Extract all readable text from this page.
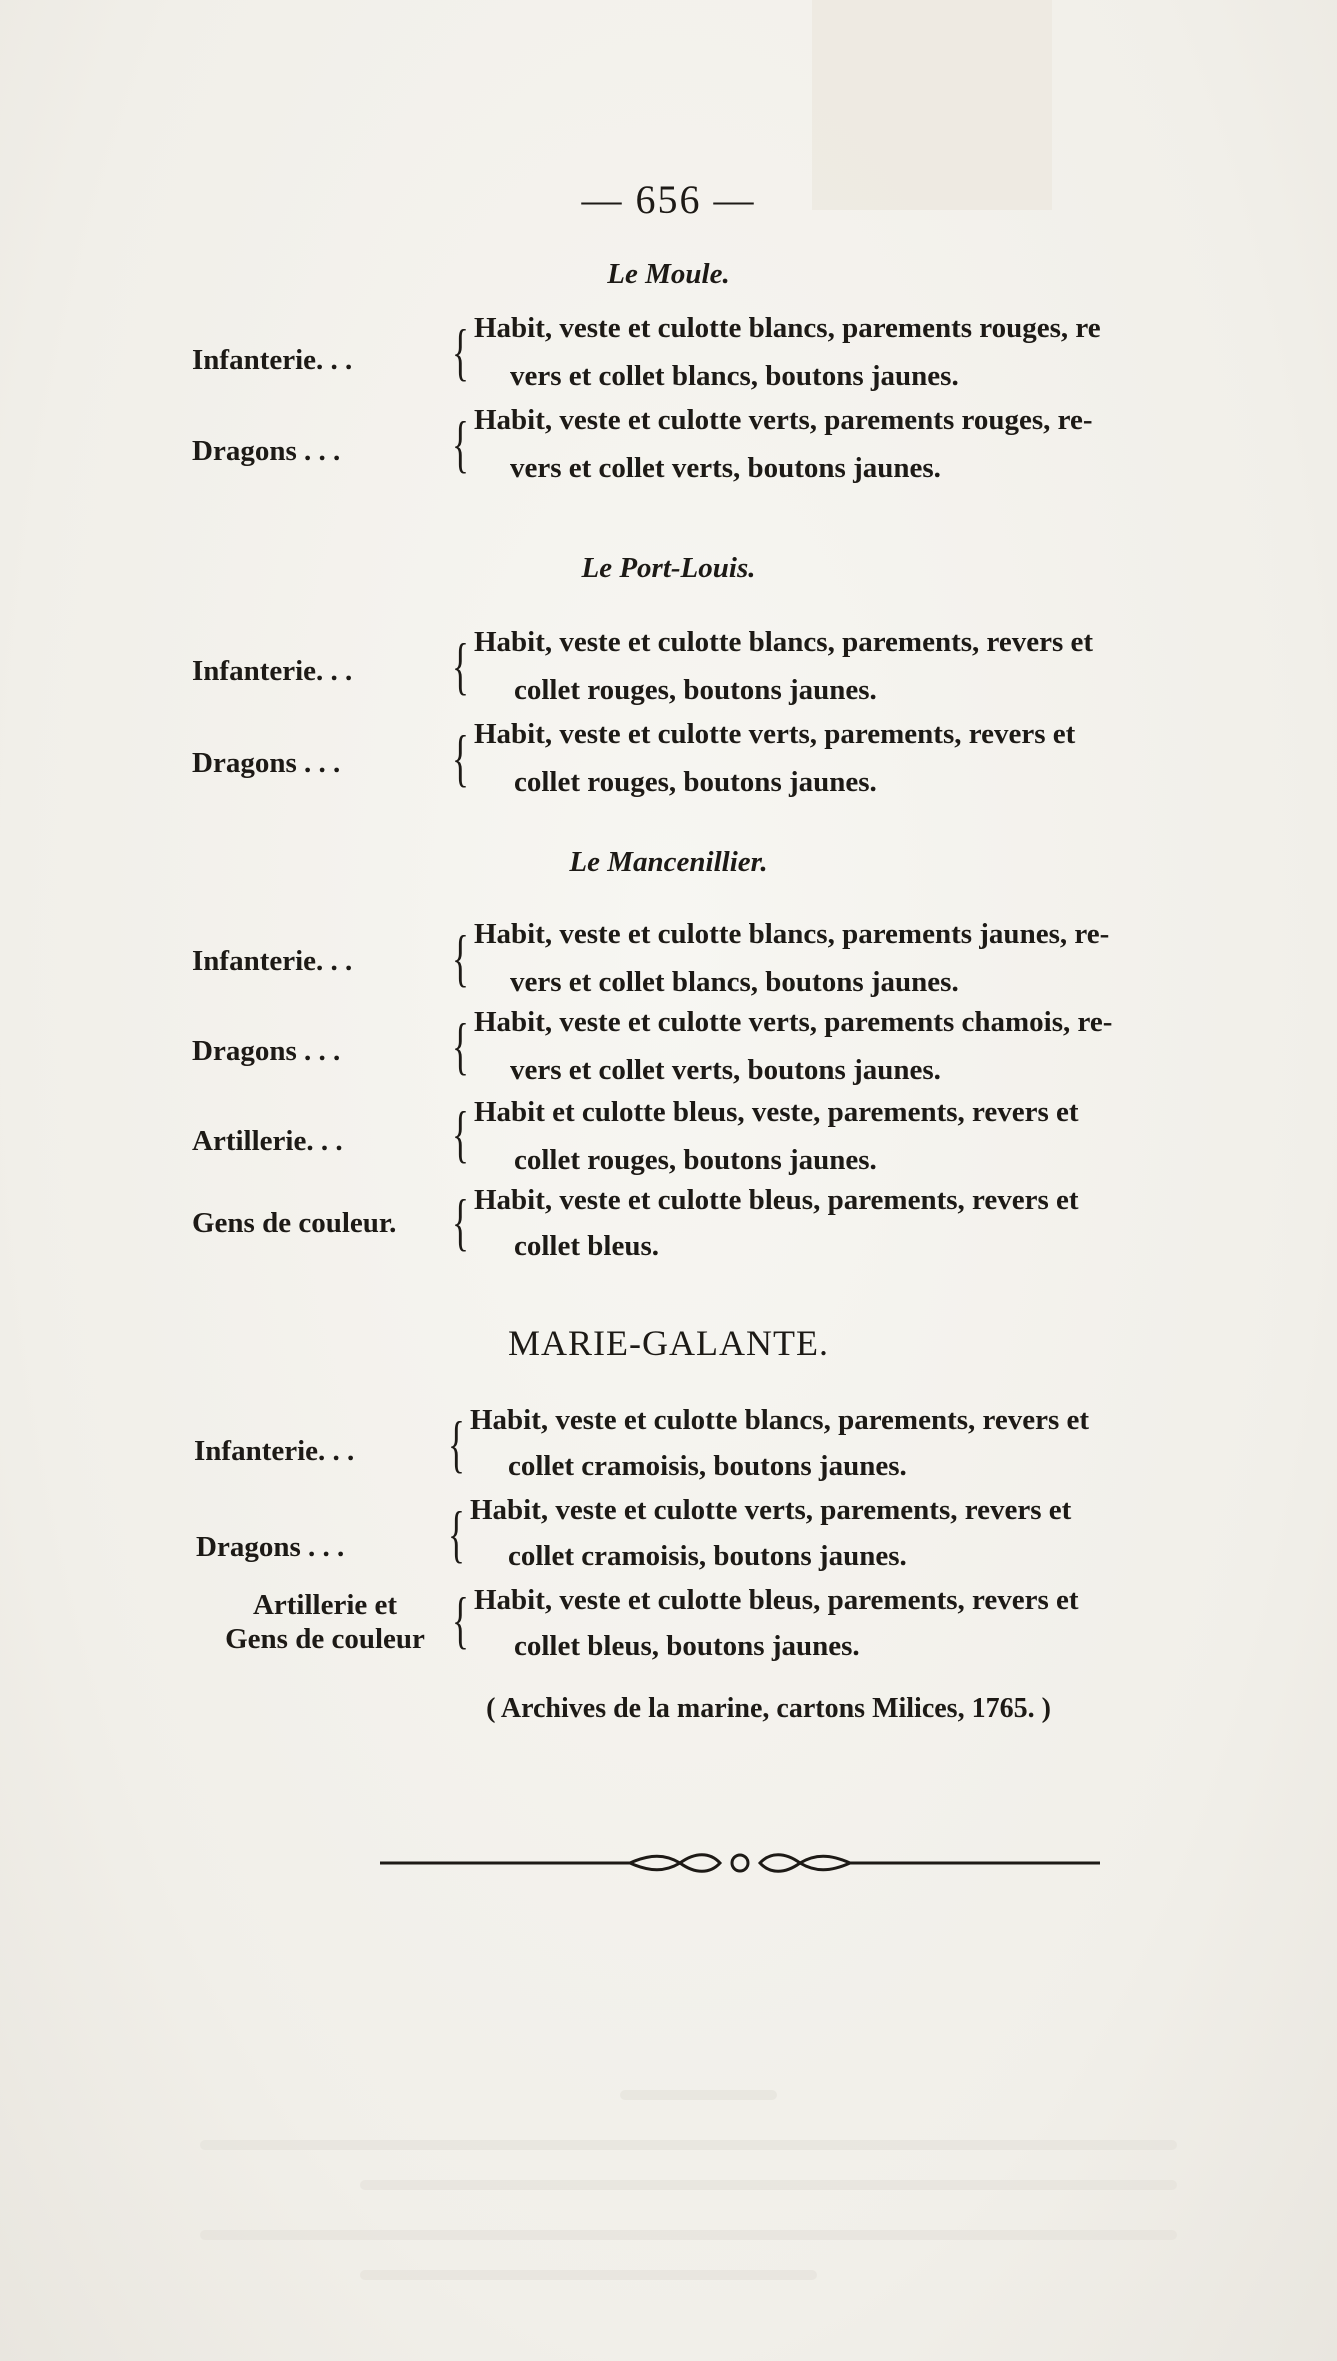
— 656 —
Le Moule.
Infanterie. . .	{ Habit, veste et culotte blancs, parements rouges, re
vers et collet blancs, boutons jaunes.
Dragons . . .	{ Habit, veste et culotte verts, parements rouges, re-
vers et collet verts, boutons jaunes.
Le Port-Louis.
Infanterie. . .	{ Habit, veste et culotte blancs, parements, revers et
collet rouges, boutons jaunes.
Dragons . . .	{ Habit, veste et culotte verts, parements, revers et
collet rouges, boutons jaunes.
Le Mancenillier.
Infanterie. . .	{ Habit, veste et culotte blancs, parements jaunes, re-
vers et collet blancs, boutons jaunes.
Dragons . . .	{ Habit, veste et culotte verts, parements chamois, re-
vers et collet verts, boutons jaunes.
Artillerie. . .	{ Habit et culotte bleus, veste, parements, revers et
collet rouges, boutons jaunes.
Gens de couleur. { Habit, veste et culotte bleus, parements, revers et
collet bleus.
MARIE-GALANTE.
Infanterie. . .	{ Habit, veste et culotte blancs, parements, revers et
collet cramoisis, boutons jaunes.
Dragons . . .	{ Habit, veste et culotte verts, parements, revers et
collet cramoisis, boutons jaunes.
Artillerie et
Gens de couleur { Habit, veste et culotte bleus, parements, revers et
collet bleus, boutons jaunes.
( Archives de la marine, cartons Milices, 1765. )
